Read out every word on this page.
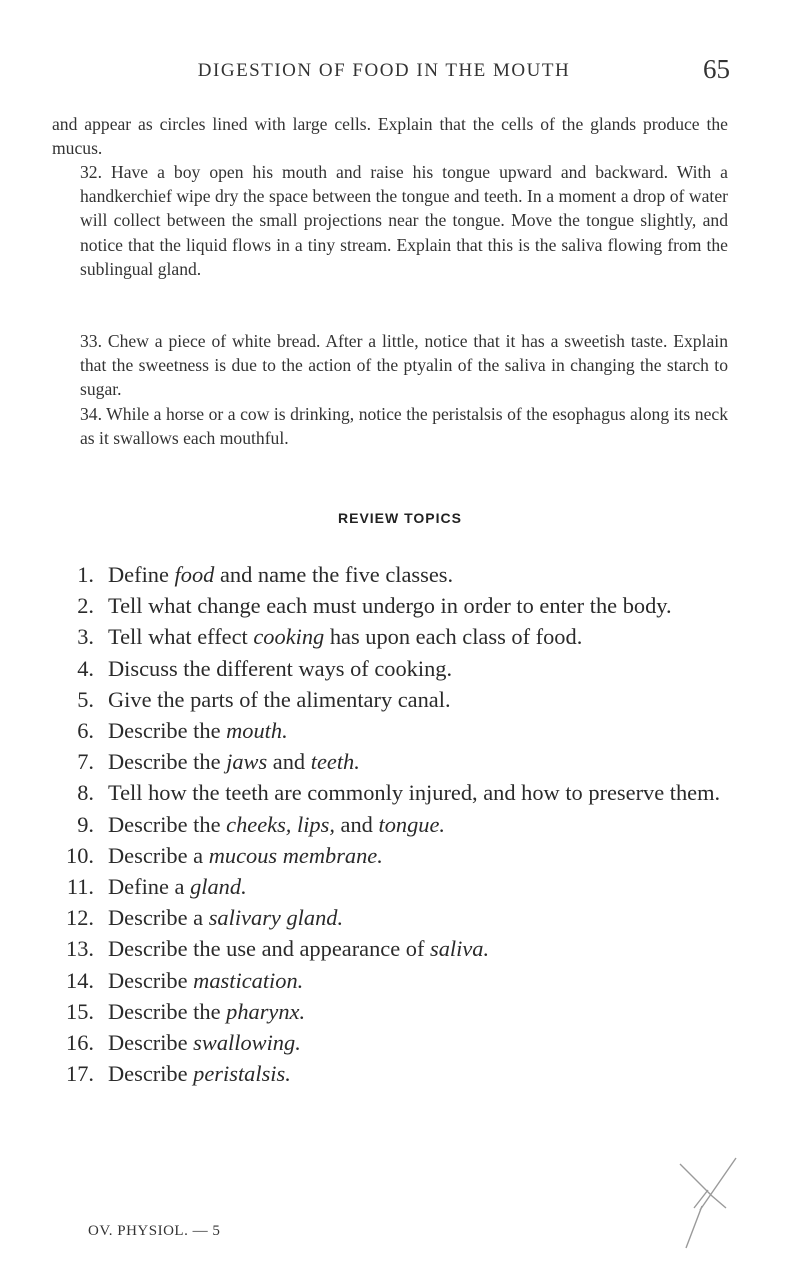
DIGESTION OF FOOD IN THE MOUTH	65
and appear as circles lined with large cells. Explain that the cells of the glands produce the mucus.
32. Have a boy open his mouth and raise his tongue upward and backward. With a handkerchief wipe dry the space between the tongue and teeth. In a moment a drop of water will collect between the small projections near the tongue. Move the tongue slightly, and notice that the liquid flows in a tiny stream. Explain that this is the saliva flowing from the sublingual gland.
33. Chew a piece of white bread. After a little, notice that it has a sweetish taste. Explain that the sweetness is due to the action of the ptyalin of the saliva in changing the starch to sugar.
34. While a horse or a cow is drinking, notice the peristalsis of the esophagus along its neck as it swallows each mouthful.
REVIEW TOPICS
1. Define food and name the five classes.
2. Tell what change each must undergo in order to enter the body.
3. Tell what effect cooking has upon each class of food.
4. Discuss the different ways of cooking.
5. Give the parts of the alimentary canal.
6. Describe the mouth.
7. Describe the jaws and teeth.
8. Tell how the teeth are commonly injured, and how to preserve them.
9. Describe the cheeks, lips, and tongue.
10. Describe a mucous membrane.
11. Define a gland.
12. Describe a salivary gland.
13. Describe the use and appearance of saliva.
14. Describe mastication.
15. Describe the pharynx.
16. Describe swallowing.
17. Describe peristalsis.
OV. PHYSIOL. — 5
